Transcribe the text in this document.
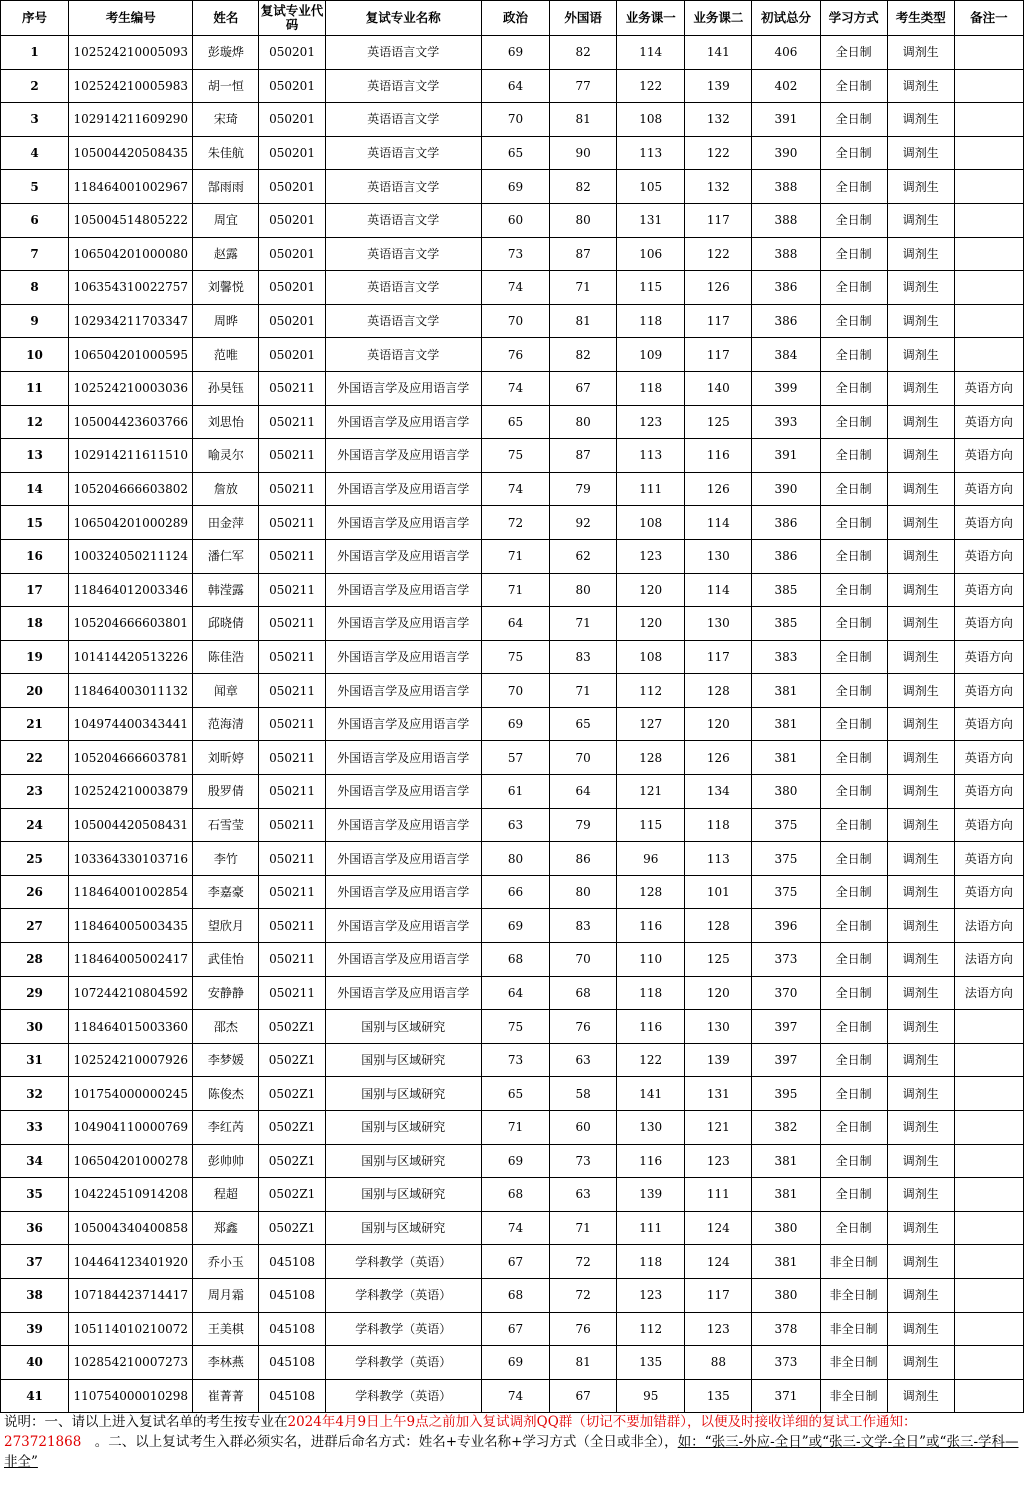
序号	考生编号	姓名	复试专业代码	复试专业名称	政治	外国语	业务课一	业务课二	初试总分	学习方式	考生类型	备注一
1	102524210005093	彭璇烨	050201	英语语言文学	69	82	114	141	406	全日制	调剂生	
2	102524210005983	胡一恒	050201	英语语言文学	64	77	122	139	402	全日制	调剂生	
3	102914211609290	宋琦	050201	英语语言文学	70	81	108	132	391	全日制	调剂生	
4	105004420508435	朱佳航	050201	英语语言文学	65	90	113	122	390	全日制	调剂生	
5	118464001002967	郜雨雨	050201	英语语言文学	69	82	105	132	388	全日制	调剂生	
6	105004514805222	周宜	050201	英语语言文学	60	80	131	117	388	全日制	调剂生	
7	106504201000080	赵露	050201	英语语言文学	73	87	106	122	388	全日制	调剂生	
8	106354310022757	刘馨悦	050201	英语语言文学	74	71	115	126	386	全日制	调剂生	
9	102934211703347	周晔	050201	英语语言文学	70	81	118	117	386	全日制	调剂生	
10	106504201000595	范唯	050201	英语语言文学	76	82	109	117	384	全日制	调剂生	
11	102524210003036	孙昊钰	050211	外国语言学及应用语言学	74	67	118	140	399	全日制	调剂生	英语方向
12	105004423603766	刘思怡	050211	外国语言学及应用语言学	65	80	123	125	393	全日制	调剂生	英语方向
13	102914211611510	喻灵尔	050211	外国语言学及应用语言学	75	87	113	116	391	全日制	调剂生	英语方向
14	105204666603802	詹放	050211	外国语言学及应用语言学	74	79	111	126	390	全日制	调剂生	英语方向
15	106504201000289	田金萍	050211	外国语言学及应用语言学	72	92	108	114	386	全日制	调剂生	英语方向
16	100324050211124	潘仁军	050211	外国语言学及应用语言学	71	62	123	130	386	全日制	调剂生	英语方向
17	118464012003346	韩滢露	050211	外国语言学及应用语言学	71	80	120	114	385	全日制	调剂生	英语方向
18	105204666603801	邱晓倩	050211	外国语言学及应用语言学	64	71	120	130	385	全日制	调剂生	英语方向
19	101414420513226	陈佳浩	050211	外国语言学及应用语言学	75	83	108	117	383	全日制	调剂生	英语方向
20	118464003011132	闻章	050211	外国语言学及应用语言学	70	71	112	128	381	全日制	调剂生	英语方向
21	104974400343441	范海清	050211	外国语言学及应用语言学	69	65	127	120	381	全日制	调剂生	英语方向
22	105204666603781	刘昕婷	050211	外国语言学及应用语言学	57	70	128	126	381	全日制	调剂生	英语方向
23	102524210003879	殷罗倩	050211	外国语言学及应用语言学	61	64	121	134	380	全日制	调剂生	英语方向
24	105004420508431	石雪莹	050211	外国语言学及应用语言学	63	79	115	118	375	全日制	调剂生	英语方向
25	103364330103716	李竹	050211	外国语言学及应用语言学	80	86	96	113	375	全日制	调剂生	英语方向
26	118464001002854	李嘉豪	050211	外国语言学及应用语言学	66	80	128	101	375	全日制	调剂生	英语方向
27	118464005003435	望欣月	050211	外国语言学及应用语言学	69	83	116	128	396	全日制	调剂生	法语方向
28	118464005002417	武佳怡	050211	外国语言学及应用语言学	68	70	110	125	373	全日制	调剂生	法语方向
29	107244210804592	安静静	050211	外国语言学及应用语言学	64	68	118	120	370	全日制	调剂生	法语方向
30	118464015003360	邵杰	0502Z1	国别与区域研究	75	76	116	130	397	全日制	调剂生	
31	102524210007926	李梦媛	0502Z1	国别与区域研究	73	63	122	139	397	全日制	调剂生	
32	101754000000245	陈俊杰	0502Z1	国别与区域研究	65	58	141	131	395	全日制	调剂生	
33	104904110000769	李红芮	0502Z1	国别与区域研究	71	60	130	121	382	全日制	调剂生	
34	106504201000278	彭帅帅	0502Z1	国别与区域研究	69	73	116	123	381	全日制	调剂生	
35	104224510914208	程超	0502Z1	国别与区域研究	68	63	139	111	381	全日制	调剂生	
36	105004340400858	郑鑫	0502Z1	国别与区域研究	74	71	111	124	380	全日制	调剂生	
37	104464123401920	乔小玉	045108	学科教学（英语）	67	72	118	124	381	非全日制	调剂生	
38	107184423714417	周月霜	045108	学科教学（英语）	68	72	123	117	380	非全日制	调剂生	
39	105114010210072	王美棋	045108	学科教学（英语）	67	76	112	123	378	非全日制	调剂生	
40	102854210007273	李林燕	045108	学科教学（英语）	69	81	135	88	373	非全日制	调剂生	
41	110754000010298	崔菁菁	045108	学科教学（英语）	74	67	95	135	371	非全日制	调剂生	
说明：一、请以上进入复试名单的考生按专业在2024年4月9日上午9点之前加入复试调剂QQ群（切记不要加错群），以便及时接收详细的复试工作通知：273721868　。二、以上复试考生入群必须实名，进群后命名方式：姓名+专业名称+学习方式（全日或非全），如：“张三-外应-全日”或“张三-文学-全日”或“张三-学科—非全”
